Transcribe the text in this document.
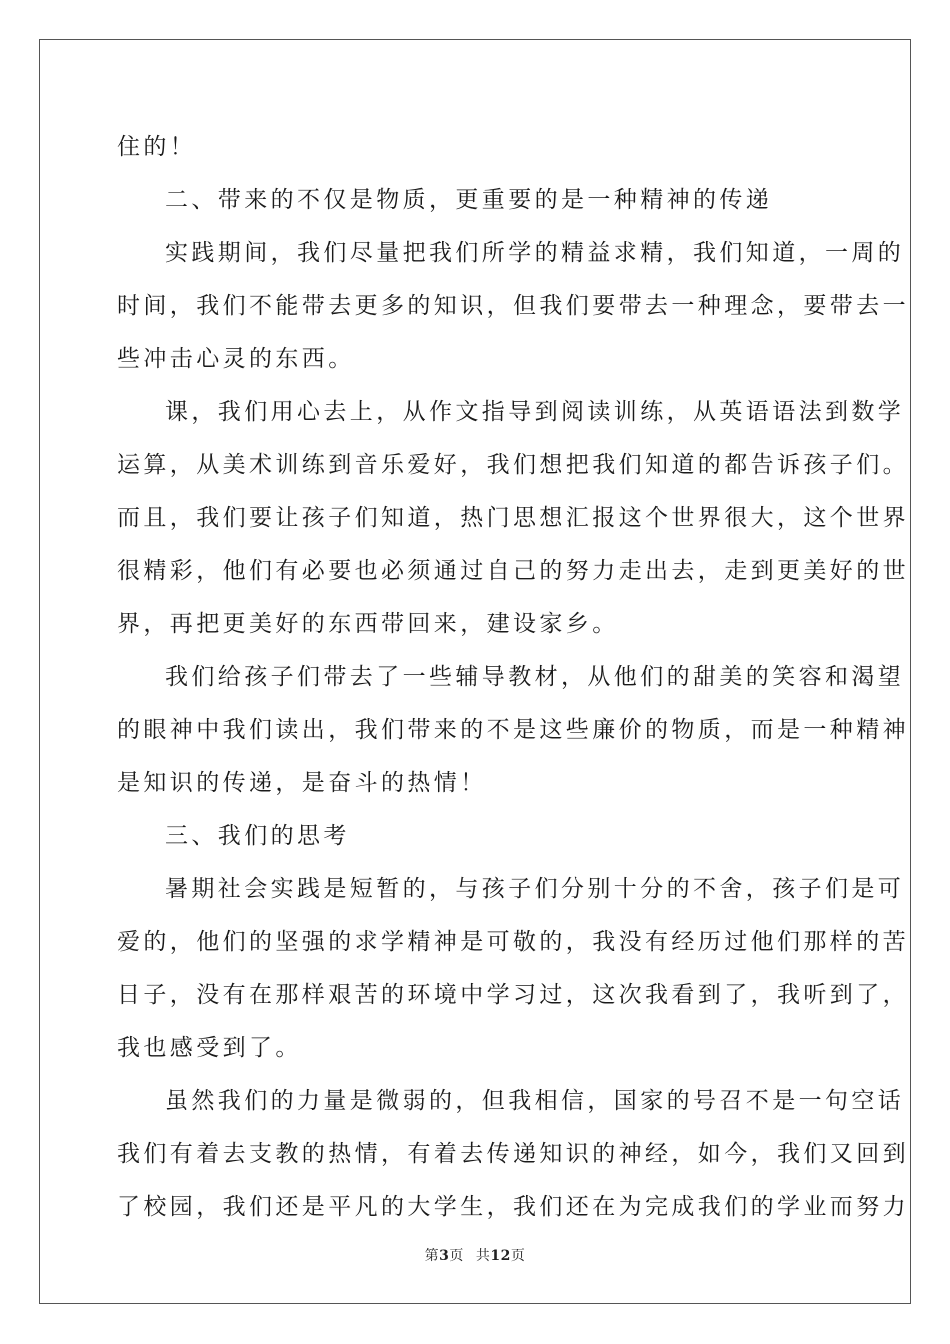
住的！
二、带来的不仅是物质，更重要的是一种精神的传递
实践期间，我们尽量把我们所学的精益求精，我们知道，一周的
时间，我们不能带去更多的知识，但我们要带去一种理念，要带去一
些冲击心灵的东西。
课，我们用心去上，从作文指导到阅读训练，从英语语法到数学
运算，从美术训练到音乐爱好，我们想把我们知道的都告诉孩子们。
而且，我们要让孩子们知道，热门思想汇报这个世界很大，这个世界
很精彩，他们有必要也必须通过自己的努力走出去，走到更美好的世
界，再把更美好的东西带回来，建设家乡。
我们给孩子们带去了一些辅导教材，从他们的甜美的笑容和渴望
的眼神中我们读出，我们带来的不是这些廉价的物质，而是一种精神
是知识的传递，是奋斗的热情！
三、我们的思考
暑期社会实践是短暂的，与孩子们分别十分的不舍，孩子们是可
爱的，他们的坚强的求学精神是可敬的，我没有经历过他们那样的苦
日子，没有在那样艰苦的环境中学习过，这次我看到了，我听到了，
我也感受到了。
虽然我们的力量是微弱的，但我相信，国家的号召不是一句空话
我们有着去支教的热情，有着去传递知识的神经，如今，我们又回到
了校园，我们还是平凡的大学生，我们还在为完成我们的学业而努力
第3页 共12页
